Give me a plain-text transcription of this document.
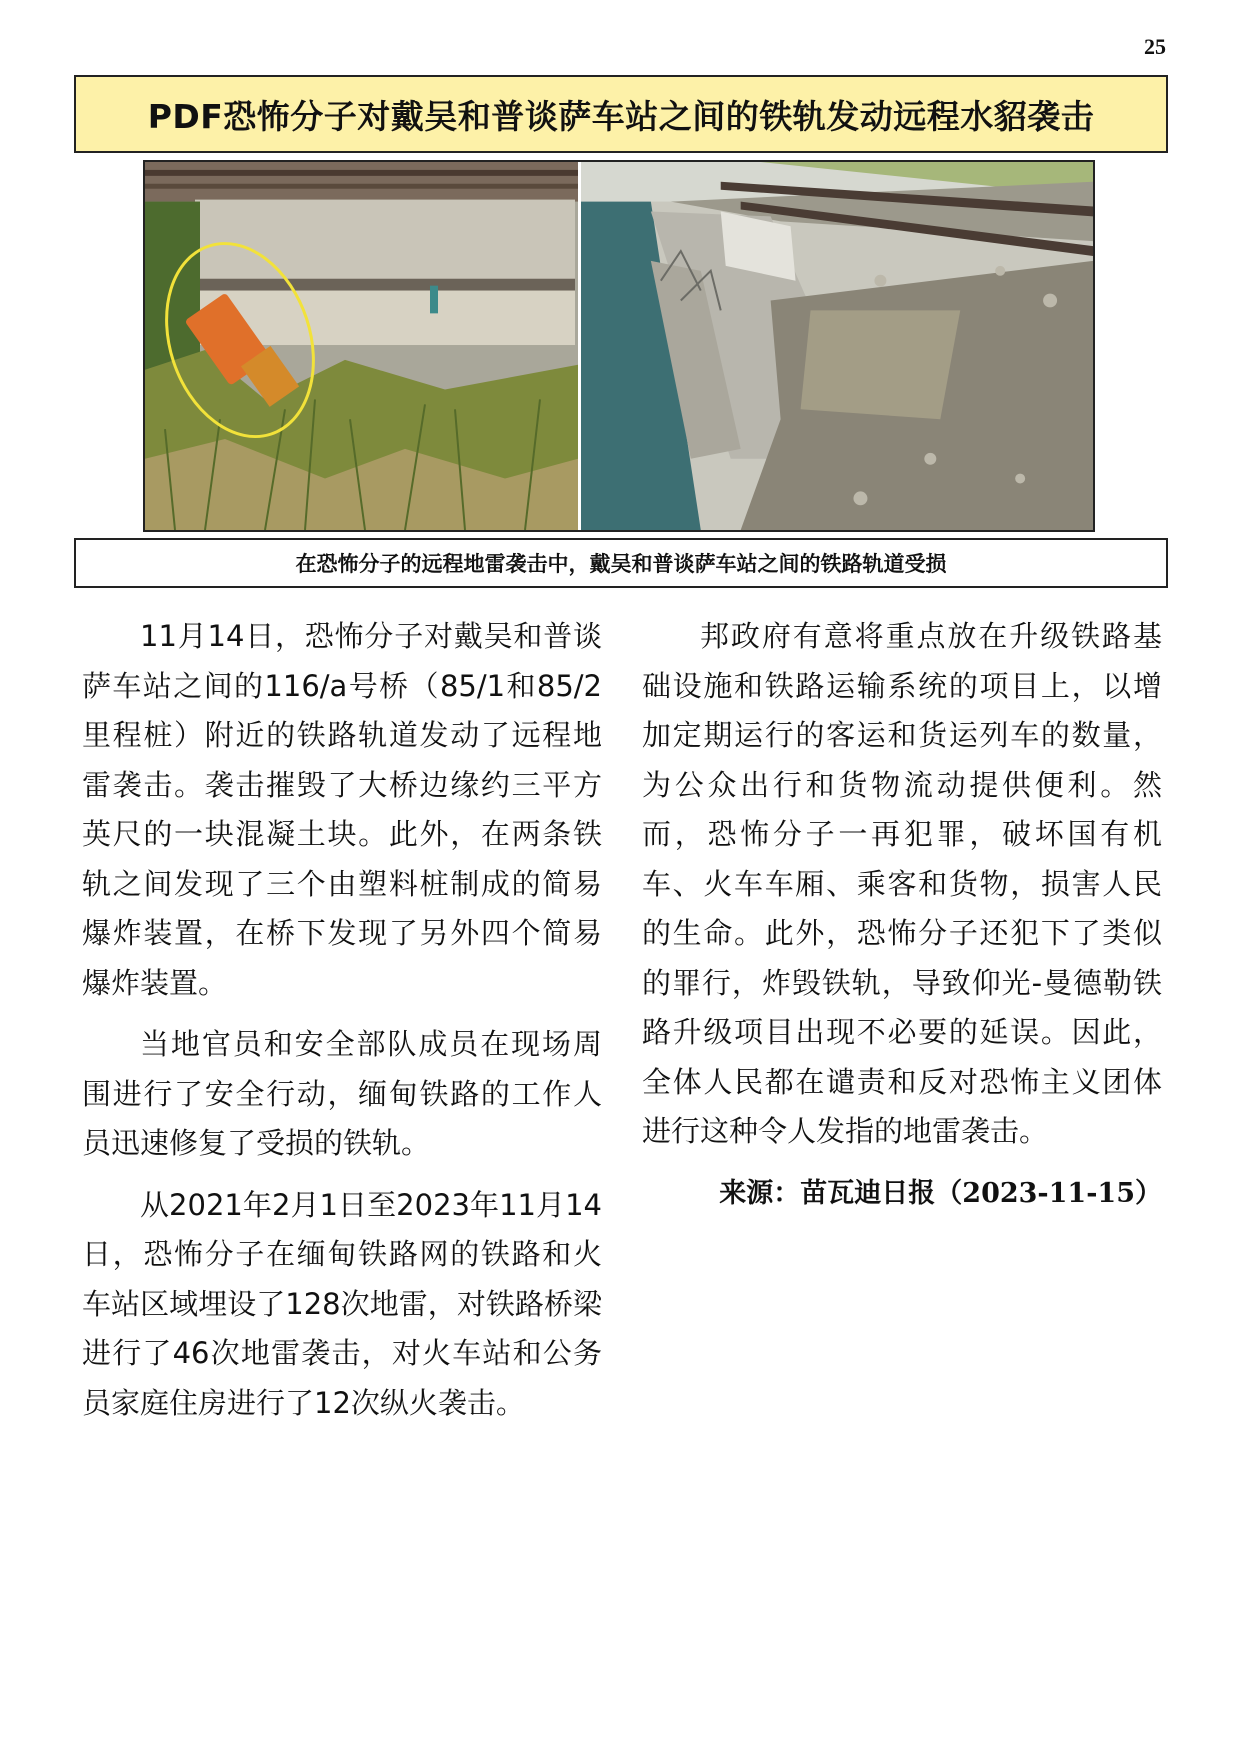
25
PDF恐怖分子对戴吴和普谈萨车站之间的铁轨发动远程水貂袭击
在恐怖分子的远程地雷袭击中，戴吴和普谈萨车站之间的铁路轨道受损

11月14日，恐怖分子对戴吴和普谈萨车站之间的116/a号桥（85/1和85/2里程桩）附近的铁路轨道发动了远程地雷袭击。袭击摧毁了大桥边缘约三平方英尺的一块混凝土块。此外，在两条铁轨之间发现了三个由塑料桩制成的简易爆炸装置，在桥下发现了另外四个简易爆炸装置。

当地官员和安全部队成员在现场周围进行了安全行动，缅甸铁路的工作人员迅速修复了受损的铁轨。

从2021年2月1日至2023年11月14日，恐怖分子在缅甸铁路网的铁路和火车站区域埋设了128次地雷，对铁路桥梁进行了46次地雷袭击，对火车站和公务员家庭住房进行了12次纵火袭击。

邦政府有意将重点放在升级铁路基础设施和铁路运输系统的项目上，以增加定期运行的客运和货运列车的数量，为公众出行和货物流动提供便利。然而，恐怖分子一再犯罪，破坏国有机车、火车车厢、乘客和货物，损害人民的生命。此外，恐怖分子还犯下了类似的罪行，炸毁铁轨，导致仰光-曼德勒铁路升级项目出现不必要的延误。因此，全体人民都在谴责和反对恐怖主义团体进行这种令人发指的地雷袭击。

来源：苗瓦迪日报（2023-11-15）
